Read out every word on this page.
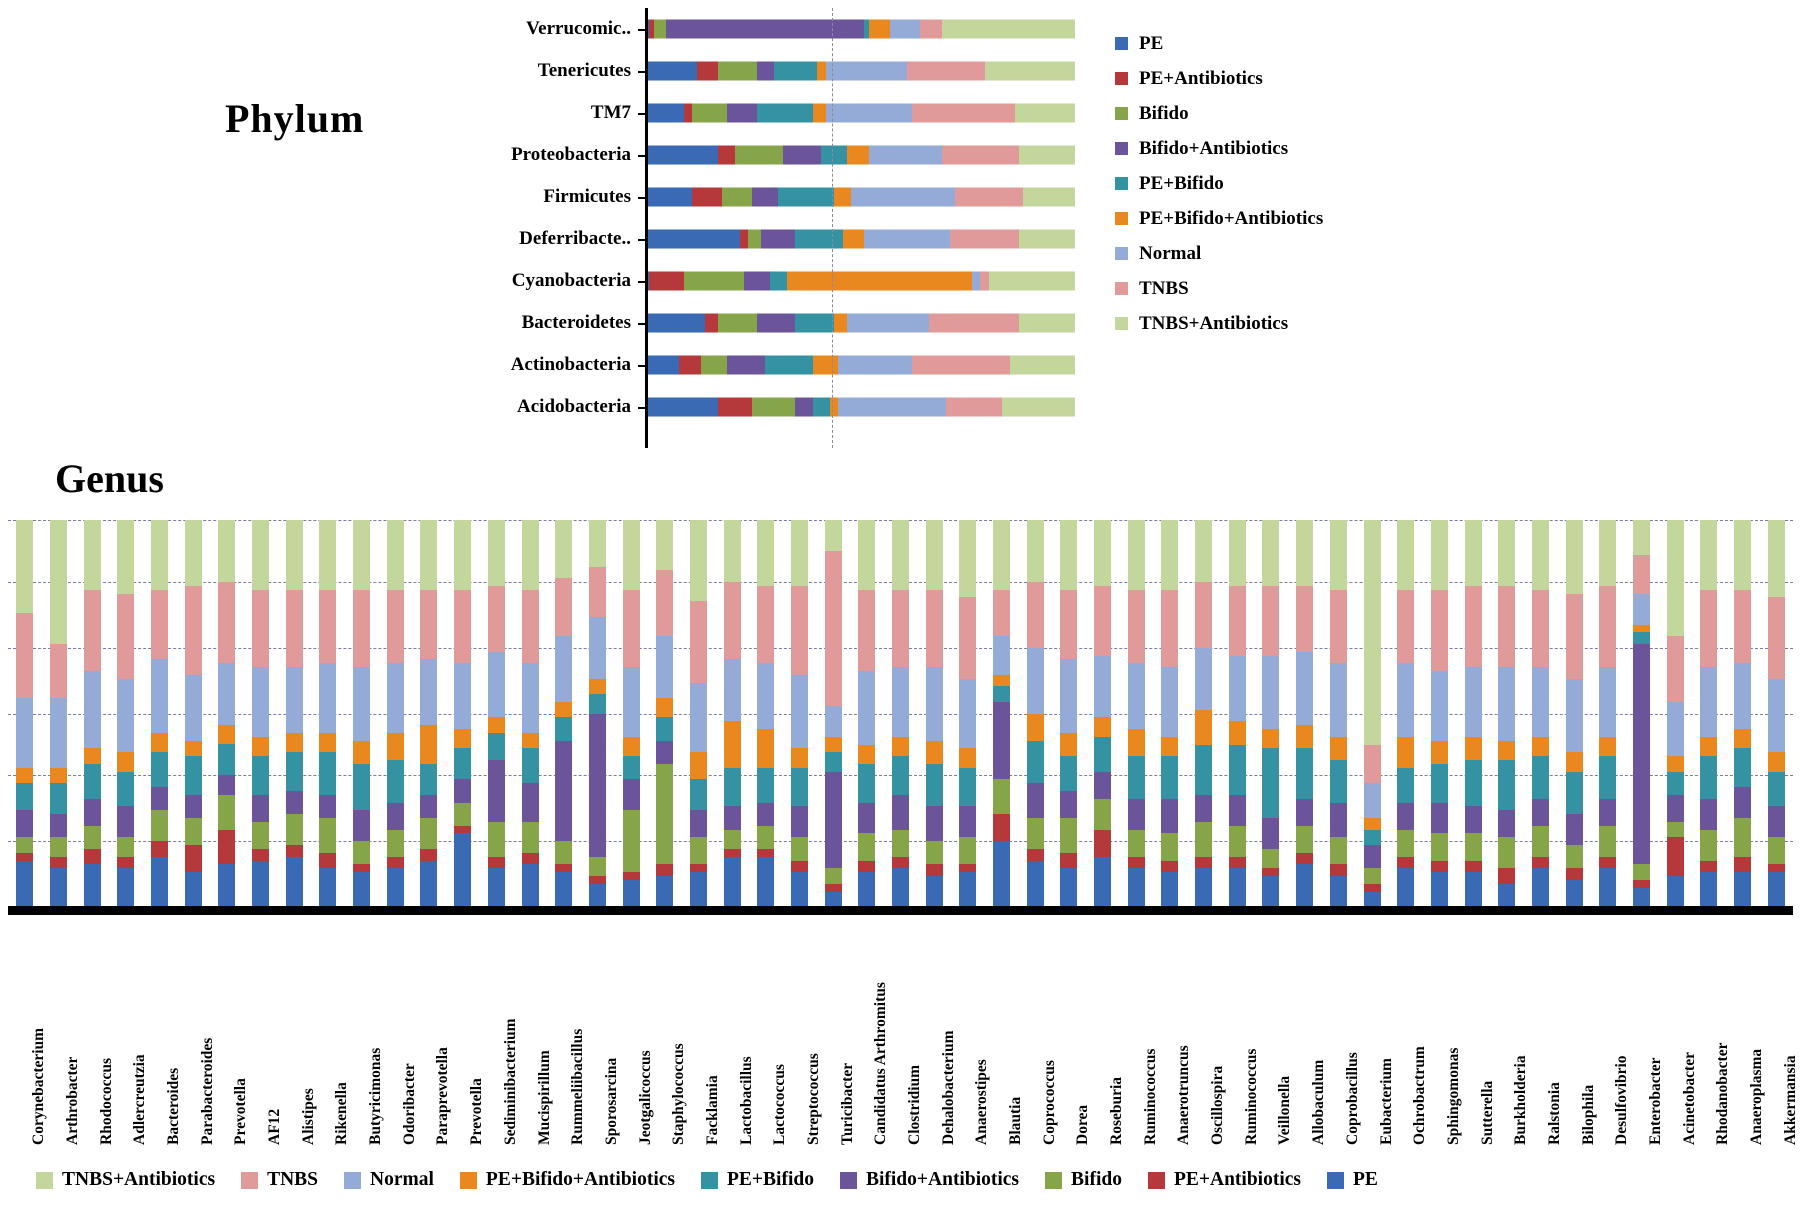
Phylum
Verrucomic..
Tenericutes
TM7
Proteobacteria
Firmicutes
Deferribacte..
Cyanobacteria
Bacteroidetes
Actinobacteria
Acidobacteria
PE
PE+Antibiotics
Bifido
Bifido+Antibiotics
PE+Bifido
PE+Bifido+Antibiotics
Normal
TNBS
TNBS+Antibiotics
Genus
TNBS+Antibiotics	TNBS	Normal	PE+Bifido+Antibiotics	PE+Bifido	Bifido+Antibiotics	Bifido	PE+Antibiotics	PE
Corynebacterium Arthrobacter Rhodococcus Adlercreutzia Bacteroides Parabacteroides Prevotella AF12 Alistipes Rikenella Butyricimonas Odoribacter Paraprevotella Prevotella Sediminibacterium Mucispirillum Rummeliibacillus Sporosarcina Jeotgalicoccus Staphylococcus Facklamia Lactobacillus Lactococcus Streptococcus Turicibacter Candidatus Arthromitus Clostridium Dehalobacterium Anaerostipes Blautia Coprococcus Dorea Roseburia Ruminococcus Anaerotruncus Oscillospira Ruminococcus Veillonella Allobaculum Coprobacillus Eubacterium Ochrobactrum Sphingomonas Sutterella Burkholderia Ralstonia Bilophila Desulfovibrio Enterobacter Acinetobacter Rhodanobacter Anaeroplasma Akkermansia
